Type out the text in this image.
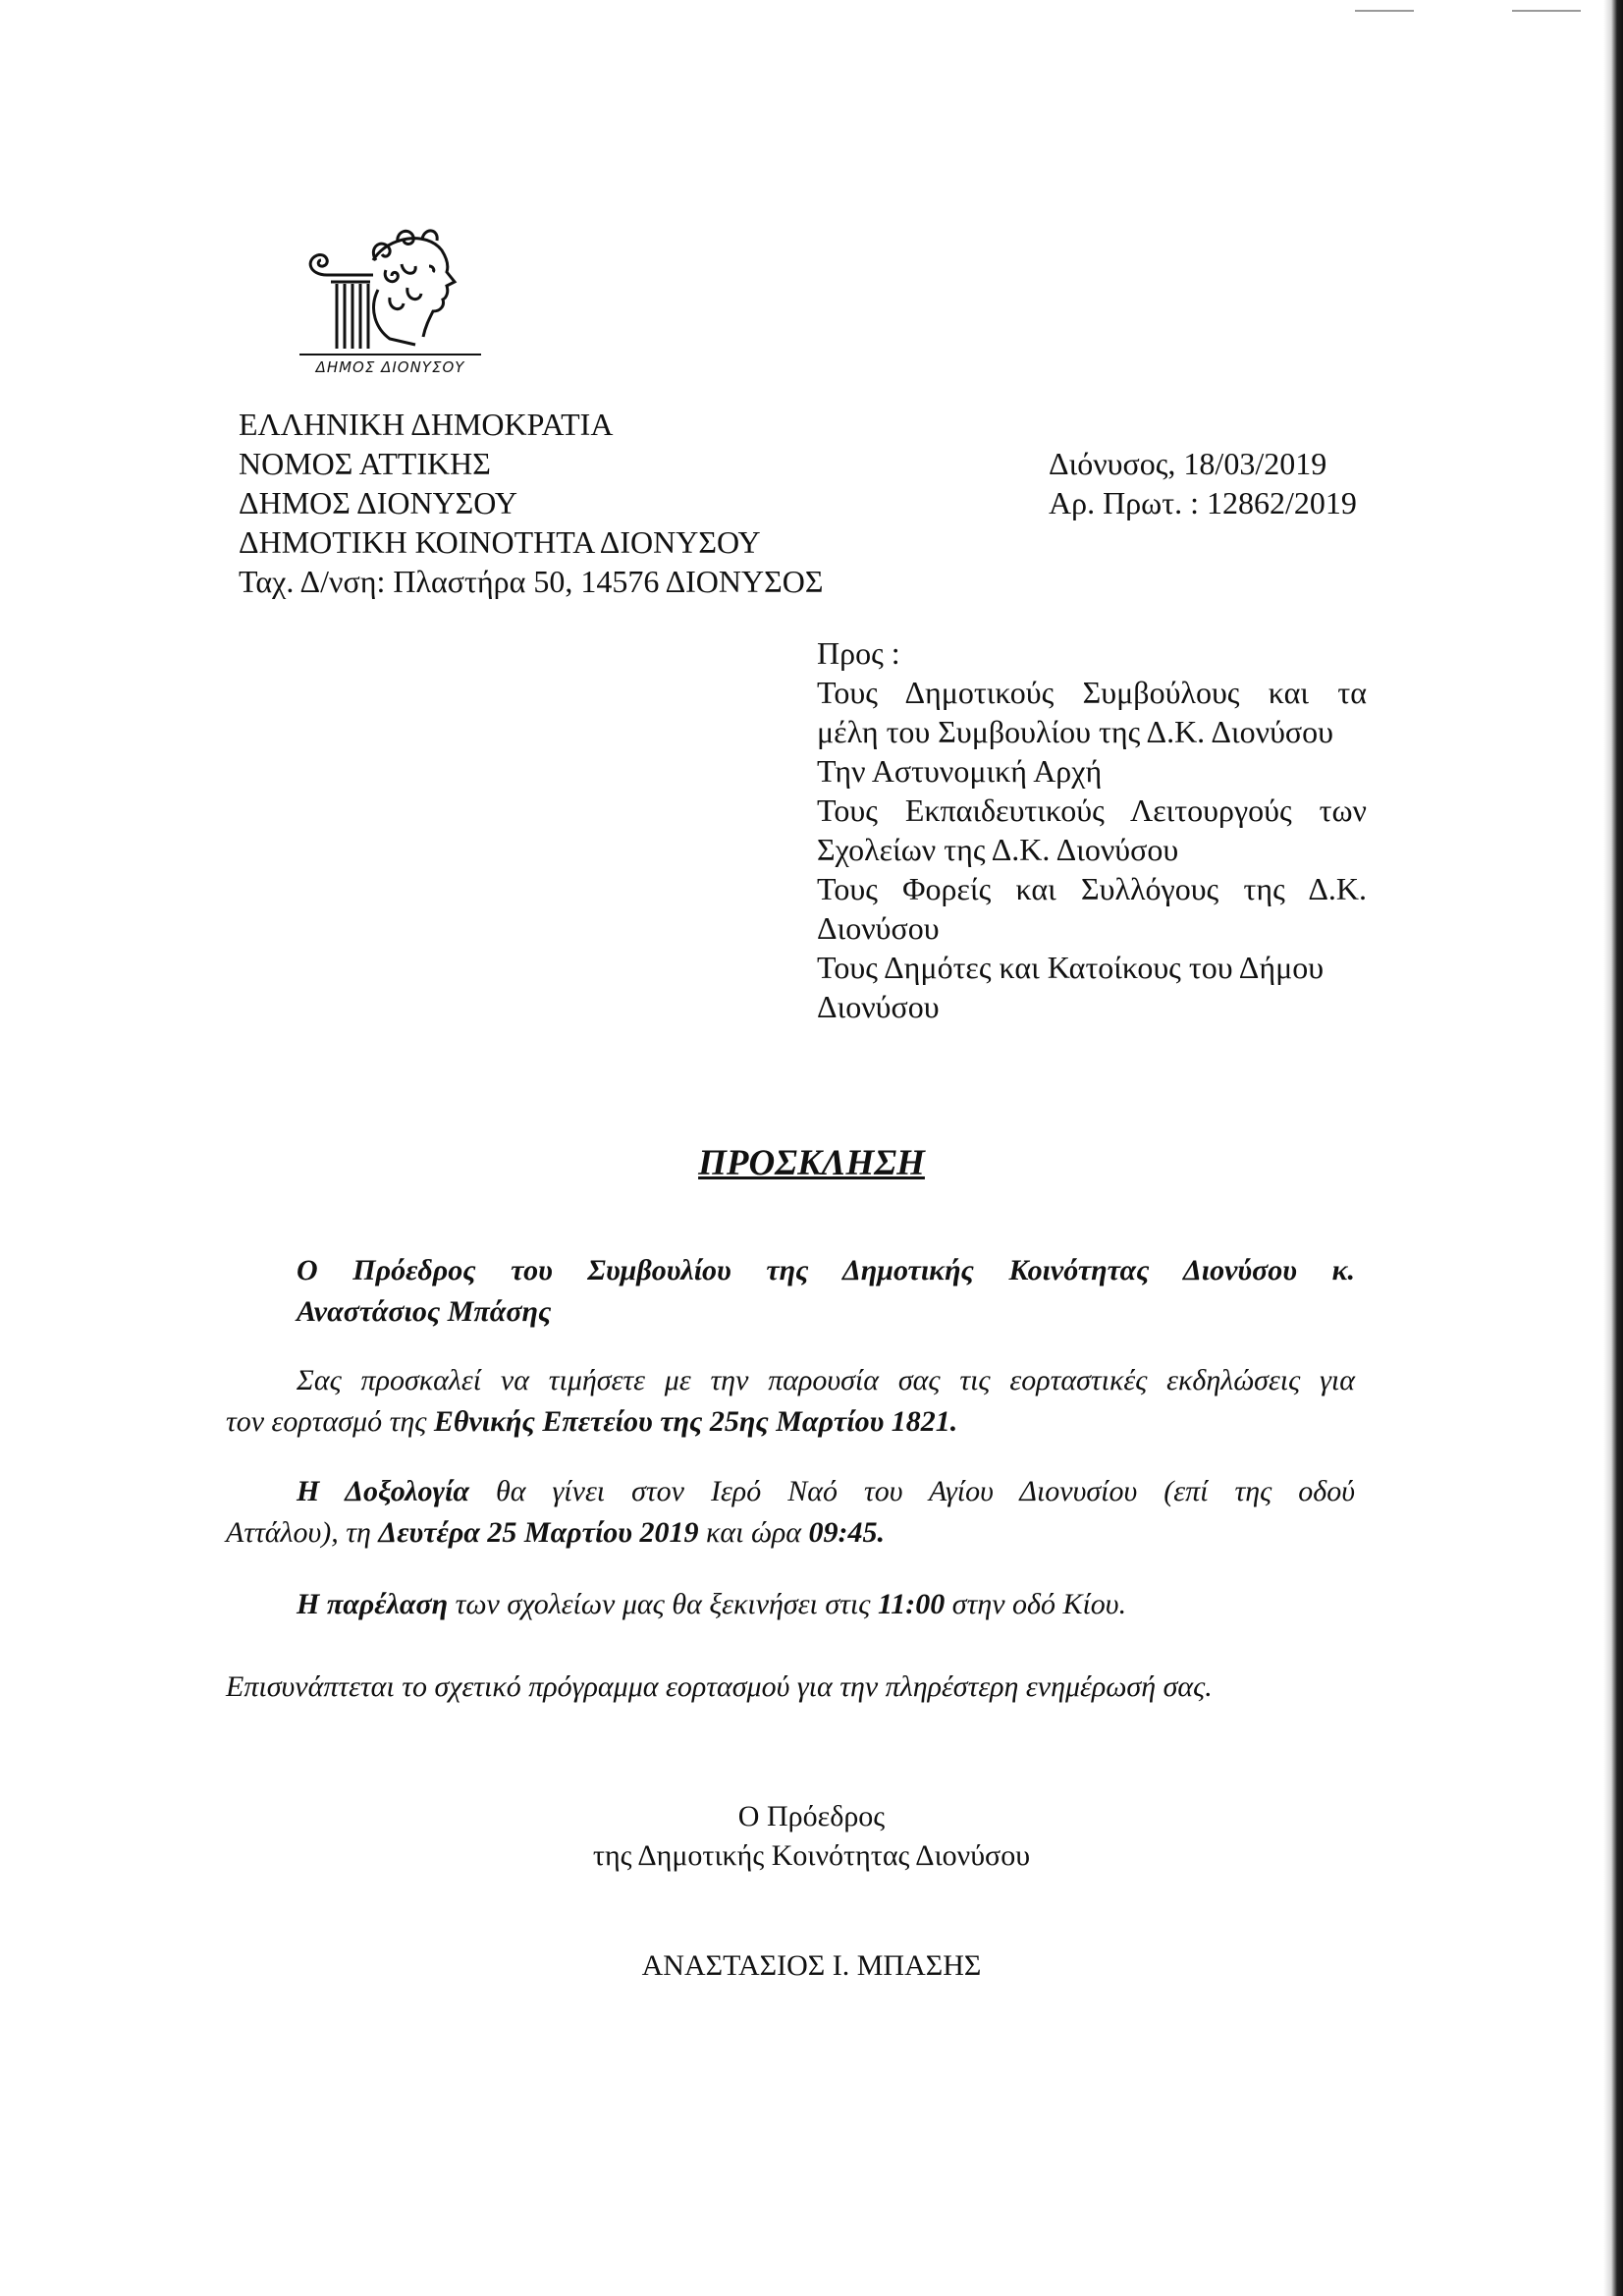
ΔΗΜΟΣ ΔΙΟΝΥΣΟΥ
ΕΛΛΗΝΙΚΗ ΔΗΜΟΚΡΑΤΙΑ
ΝΟΜΟΣ ΑΤΤΙΚΗΣ
ΔΗΜΟΣ ΔΙΟΝΥΣΟΥ
ΔΗΜΟΤΙΚΗ ΚΟΙΝΟΤΗΤΑ ΔΙΟΝΥΣΟΥ
Ταχ. Δ/νση: Πλαστήρα 50, 14576 ΔΙΟΝΥΣΟΣ
Διόνυσος, 18/03/2019
Αρ. Πρωτ. : 12862/2019
Προς :
Τους Δημοτικούς Συμβούλους και τα
μέλη του Συμβουλίου της Δ.Κ. Διονύσου
Την Αστυνομική Αρχή
Τους Εκπαιδευτικούς Λειτουργούς των
Σχολείων της Δ.Κ. Διονύσου
Τους Φορείς και Συλλόγους της Δ.Κ.
Διονύσου
Τους Δημότες και Κατοίκους του Δήμου
Διονύσου
ΠΡΟΣΚΛΗΣΗ

Ο Πρόεδρος του Συμβουλίου της Δημοτικής Κοινότητας Διονύσου κ.

Αναστάσιος Μπάσης

Σας προσκαλεί να τιμήσετε με την παρουσία σας τις εορταστικές εκδηλώσεις για

τον εορτασμό της Εθνικής Επετείου της 25ης Μαρτίου 1821.

Η Δοξολογία θα γίνει στον Ιερό Ναό του Αγίου Διονυσίου (επί της οδού

Αττάλου), τη Δευτέρα 25 Μαρτίου 2019 και ώρα 09:45.

Η παρέλαση των σχολείων μας θα ξεκινήσει στις 11:00 στην οδό Κίου.

Επισυνάπτεται το σχετικό πρόγραμμα εορτασμού για την πληρέστερη ενημέρωσή σας.

Ο Πρόεδρος
της Δημοτικής Κοινότητας Διονύσου
ΑΝΑΣΤΑΣΙΟΣ Ι. ΜΠΑΣΗΣ
